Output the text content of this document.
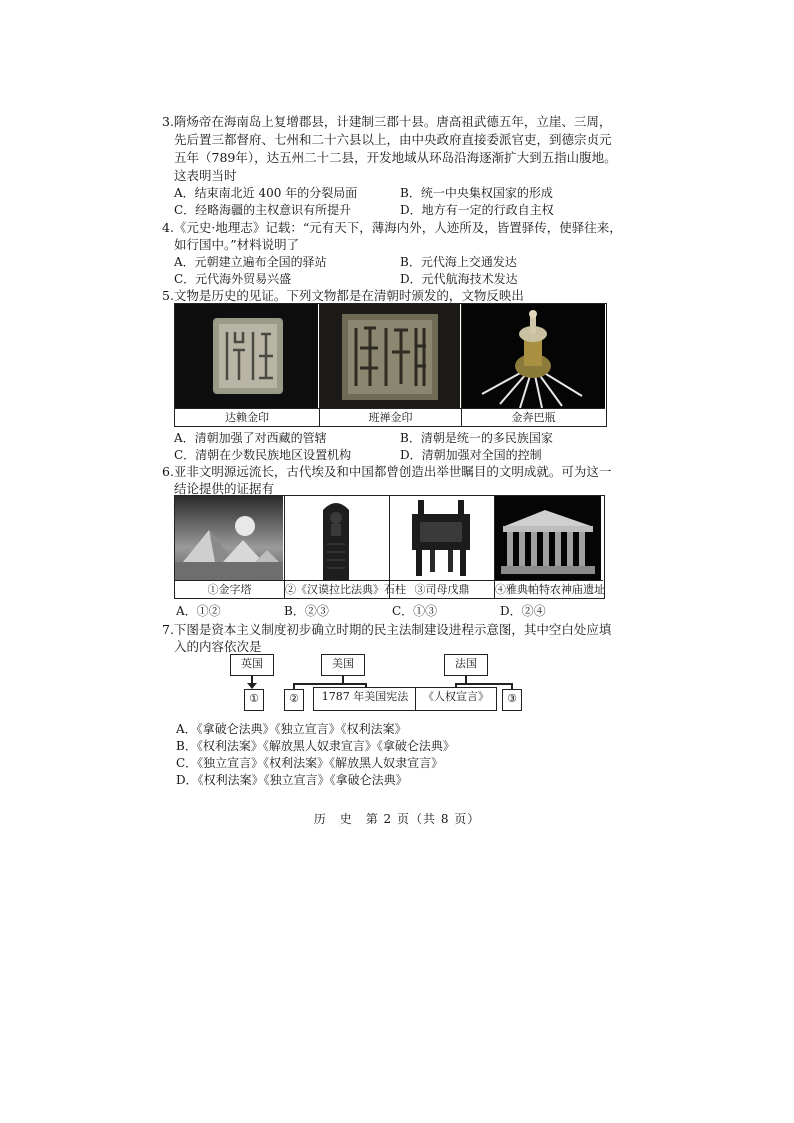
3.隋炀帝在海南岛上复增郡县，计建制三郡十县。唐高祖武德五年，立崖、三周，
先后置三都督府、七州和二十六县以上，由中央政府直接委派官吏，到德宗贞元
五年（789年），达五州二十二县，开发地域从环岛沿海逐渐扩大到五指山腹地。
这表明当时
A．结束南北近 400 年的分裂局面	B．统一中央集权国家的形成
C．经略海疆的主权意识有所提升	D．地方有一定的行政自主权
4.《元史·地理志》记载：“元有天下，薄海内外，人迹所及，皆置驿传，使驿往来，
如行国中。”材料说明了
A．元朝建立遍布全国的驿站	B．元代海上交通发达
C．元代海外贸易兴盛	D．元代航海技术发达
5.文物是历史的见证。下列文物都是在清朝时颁发的，文物反映出
达赖金印	班禅金印	金奔巴瓶
A．清朝加强了对西藏的管辖	B．清朝是统一的多民族国家
C．清朝在少数民族地区设置机构	D．清朝加强对全国的控制
6.亚非文明源远流长，古代埃及和中国都曾创造出举世瞩目的文明成就。可为这一
结论提供的证据有
①金字塔	②《汉谟拉比法典》石柱 ③司母戊鼎	④雅典帕特农神庙遗址
A．①②	B．②③	C．①③	D．②④
7.下图是资本主义制度初步确立时期的民主法制建设进程示意图，其中空白处应填
入的内容依次是
英国
①
美国
②	1787 年美国宪法
法国
《人权宣言》	③
A．《拿破仑法典》《独立宣言》《权利法案》
B．《权利法案》《解放黑人奴隶宣言》《拿破仑法典》
C．《独立宣言》《权利法案》《解放黑人奴隶宣言》
D．《权利法案》《独立宣言》《拿破仑法典》
历　史　第 2 页（共 8 页）
